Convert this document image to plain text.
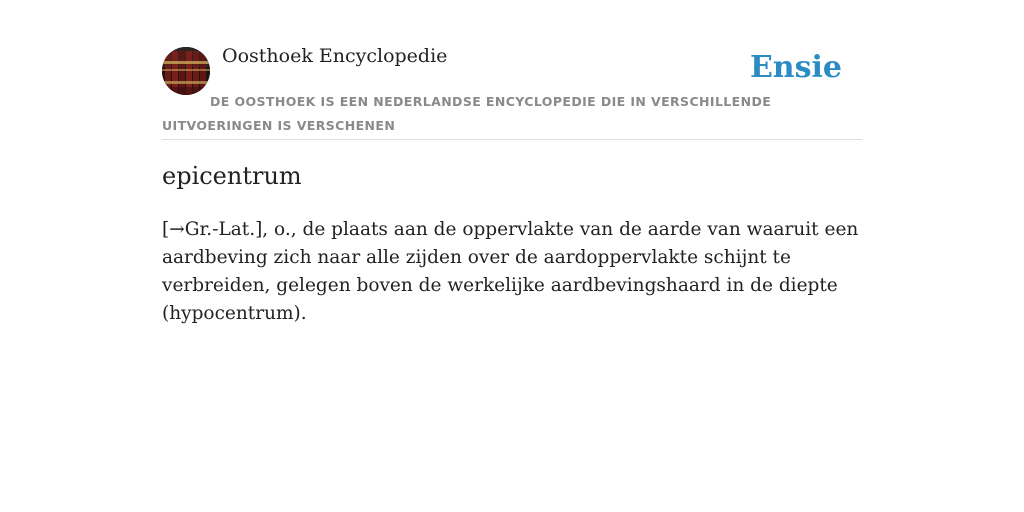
Oosthoek Encyclopedie	Ensie
DE OOSTHOEK IS EEN NEDERLANDSE ENCYCLOPEDIE DIE IN VERSCHILLENDE UITVOERINGEN IS VERSCHENEN
epicentrum

[→Gr.-Lat.], o., de plaats aan de oppervlakte van de aarde van waaruit een aardbeving zich naar alle zijden over de aardoppervlakte schijnt te verbreiden, gelegen boven de werkelijke aardbevingshaard in de diepte (hypocentrum).
